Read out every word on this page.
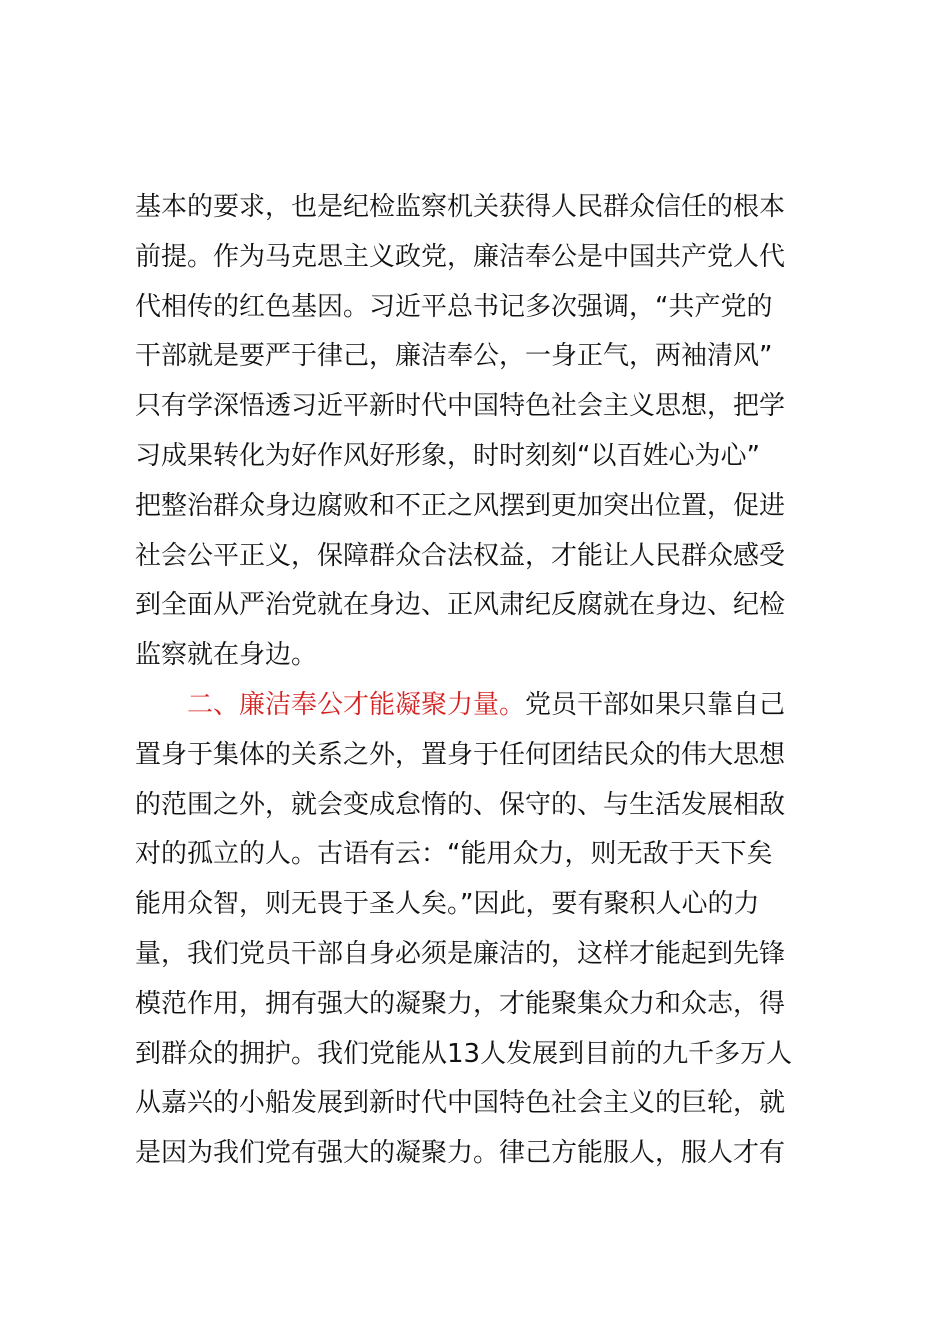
基本的要求，也是纪检监察机关获得人民群众信任的根本
前提。作为马克思主义政党，廉洁奉公是中国共产党人代
代相传的红色基因。习近平总书记多次强调，“共产党的
干部就是要严于律己，廉洁奉公，一身正气，两袖清风”
只有学深悟透习近平新时代中国特色社会主义思想，把学
习成果转化为好作风好形象，时时刻刻“以百姓心为心”
把整治群众身边腐败和不正之风摆到更加突出位置，促进
社会公平正义，保障群众合法权益，才能让人民群众感受
到全面从严治党就在身边、正风肃纪反腐就在身边、纪检
监察就在身边。
二、廉洁奉公才能凝聚力量。党员干部如果只靠自己
置身于集体的关系之外，置身于任何团结民众的伟大思想
的范围之外，就会变成怠惰的、保守的、与生活发展相敌
对的孤立的人。古语有云：“能用众力，则无敌于天下矣
能用众智，则无畏于圣人矣。”因此，要有聚积人心的力
量，我们党员干部自身必须是廉洁的，这样才能起到先锋
模范作用，拥有强大的凝聚力，才能聚集众力和众志，得
到群众的拥护。我们党能从13人发展到目前的九千多万人
从嘉兴的小船发展到新时代中国特色社会主义的巨轮，就
是因为我们党有强大的凝聚力。律己方能服人，服人才有
